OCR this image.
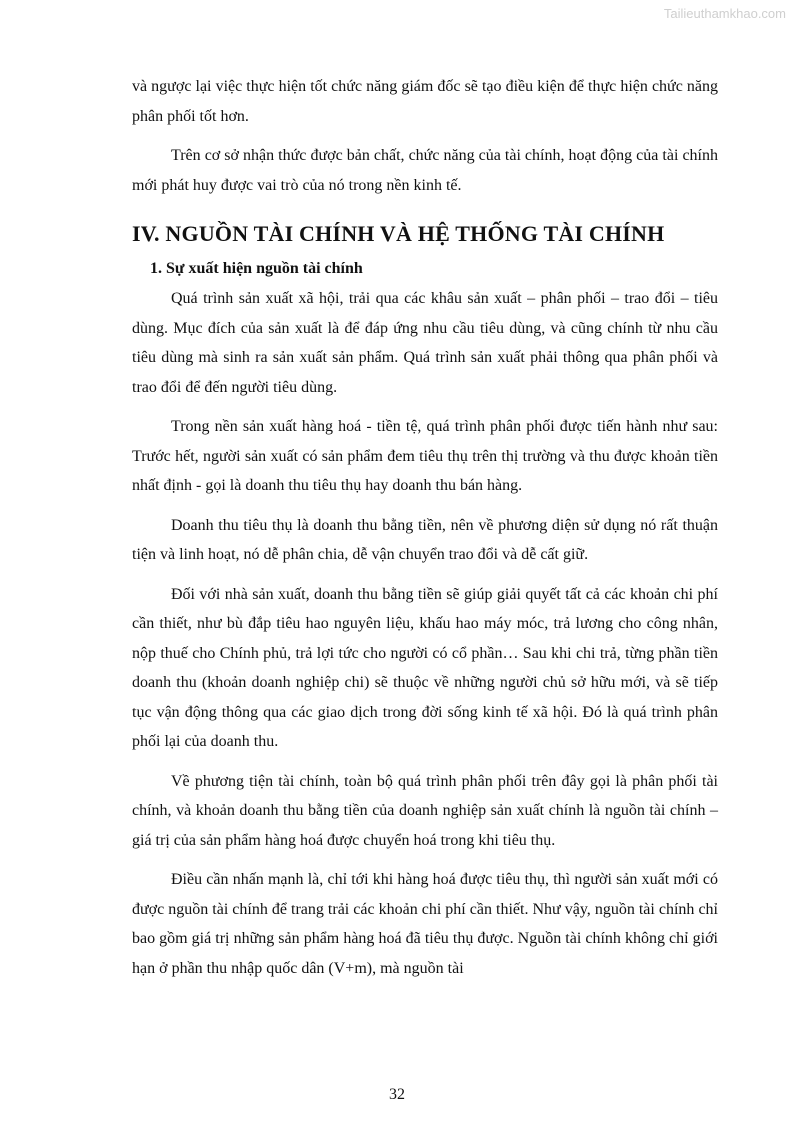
Tailieuthamkhao.com

và ngược lại việc thực hiện tốt chức năng giám đốc sẽ tạo điều kiện để thực hiện chức năng phân phối tốt hơn.

Trên cơ sở nhận thức được bản chất, chức năng của tài chính, hoạt động của tài chính mới phát huy được vai trò của nó trong nền kinh tế.

IV. NGUỒN TÀI CHÍNH VÀ HỆ THỐNG TÀI CHÍNH
1. Sự xuất hiện nguồn tài chính

Quá trình sản xuất xã hội, trải qua các khâu sản xuất – phân phối – trao đổi – tiêu dùng. Mục đích của sản xuất là để đáp ứng nhu cầu tiêu dùng, và cũng chính từ nhu cầu tiêu dùng mà sinh ra sản xuất sản phẩm. Quá trình sản xuất phải thông qua phân phối và trao đổi để đến người tiêu dùng.

Trong nền sản xuất hàng hoá - tiền tệ, quá trình phân phối được tiến hành như sau: Trước hết, người sản xuất có sản phẩm đem tiêu thụ trên thị trường và thu được khoản tiền nhất định - gọi là doanh thu tiêu thụ hay doanh thu bán hàng.

Doanh thu tiêu thụ là doanh thu bằng tiền, nên về phương diện sử dụng nó rất thuận tiện và linh hoạt, nó dễ phân chia, dễ vận chuyển trao đổi và dễ cất giữ.

Đối với nhà sản xuất, doanh thu bằng tiền sẽ giúp giải quyết tất cả các khoản chi phí cần thiết, như bù đắp tiêu hao nguyên liệu, khấu hao máy móc, trả lương cho công nhân, nộp thuế cho Chính phủ, trả lợi tức cho người có cổ phần… Sau khi chi trả, từng phần tiền doanh thu (khoản doanh nghiệp chi) sẽ thuộc về những người chủ sở hữu mới, và sẽ tiếp tục vận động thông qua các giao dịch trong đời sống kinh tế xã hội. Đó là quá trình phân phối lại của doanh thu.

Về phương tiện tài chính, toàn bộ quá trình phân phối trên đây gọi là phân phối tài chính, và khoản doanh thu bằng tiền của doanh nghiệp sản xuất chính là nguồn tài chính – giá trị của sản phẩm hàng hoá được chuyển hoá trong khi tiêu thụ.

Điều cần nhấn mạnh là, chỉ tới khi hàng hoá được tiêu thụ, thì người sản xuất mới có được nguồn tài chính để trang trải các khoản chi phí cần thiết. Như vậy, nguồn tài chính chỉ bao gồm giá trị những sản phẩm hàng hoá đã tiêu thụ được. Nguồn tài chính không chỉ giới hạn ở phần thu nhập quốc dân (V+m), mà nguồn tài

32
